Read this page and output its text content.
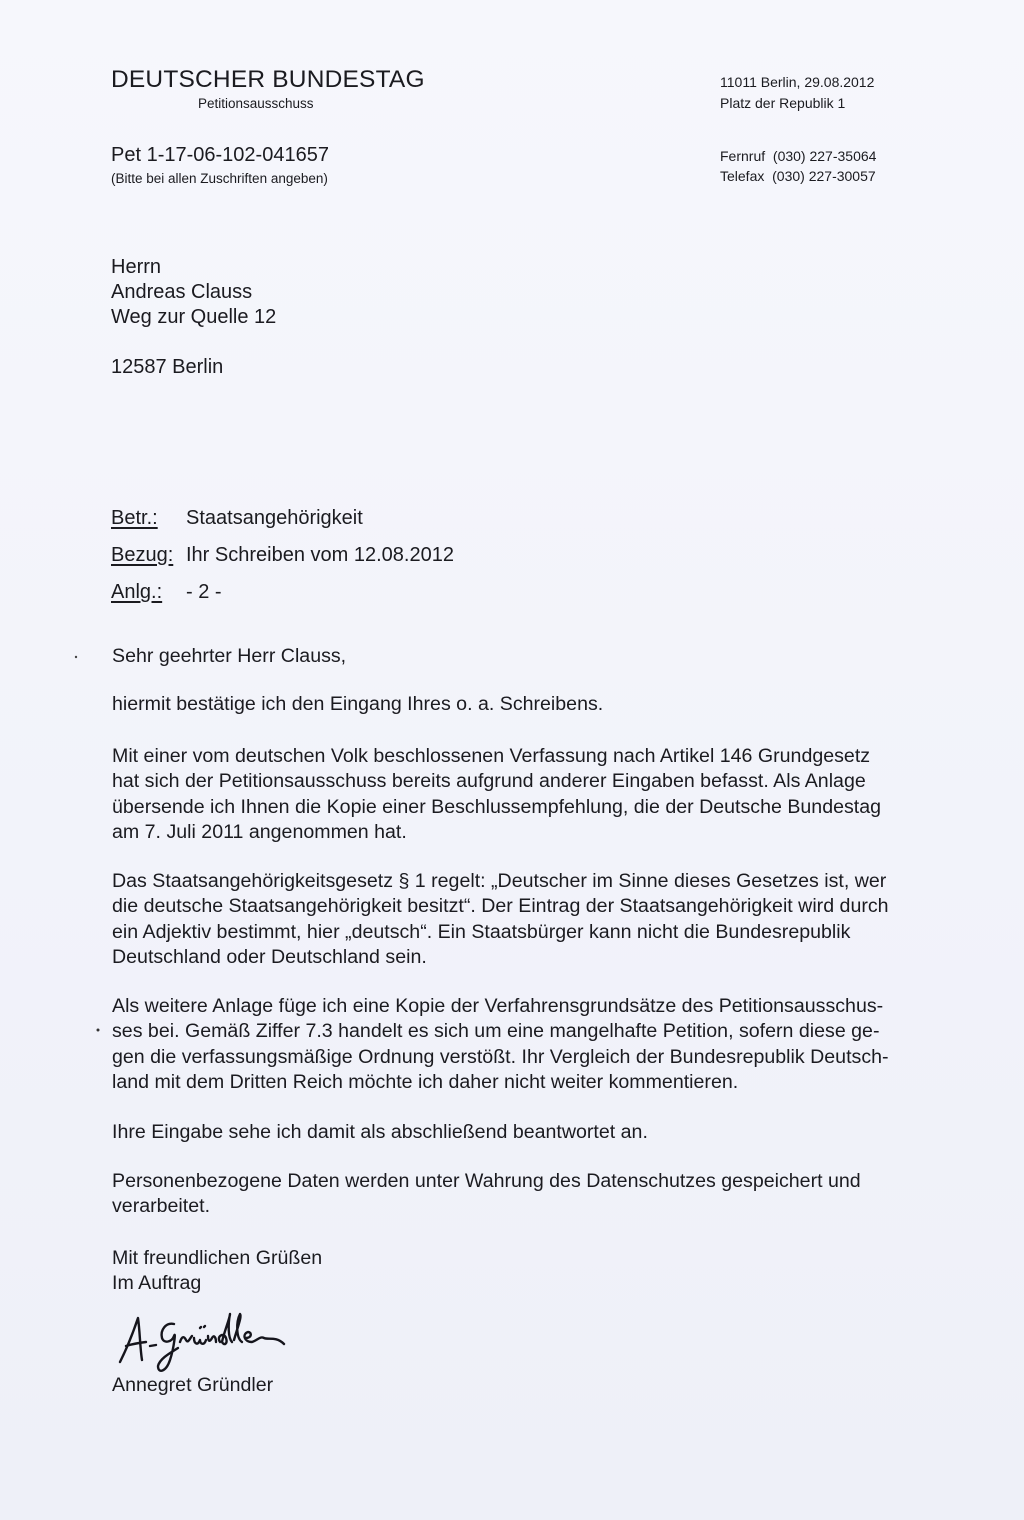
DEUTSCHER BUNDESTAG
Petitionsausschuss
11011 Berlin, 29.08.2012
Platz der Republik 1
Pet 1-17-06-102-041657
(Bitte bei allen Zuschriften angeben)
Fernruf  (030) 227-35064
Telefax  (030) 227-30057
Herrn
Andreas Clauss
Weg zur Quelle 12
12587 Berlin
Betr.: Staatsangehörigkeit
Bezug: Ihr Schreiben vom 12.08.2012
Anlg.: - 2 -
Sehr geehrter Herr Clauss,
hiermit bestätige ich den Eingang Ihres o. a. Schreibens.
Mit einer vom deutschen Volk beschlossenen Verfassung nach Artikel 146 Grundgesetz
hat sich der Petitionsausschuss bereits aufgrund anderer Eingaben befasst. Als Anlage
übersende ich Ihnen die Kopie einer Beschlussempfehlung, die der Deutsche Bundestag
am 7. Juli 2011 angenommen hat.
Das Staatsangehörigkeitsgesetz § 1 regelt: „Deutscher im Sinne dieses Gesetzes ist, wer
die deutsche Staatsangehörigkeit besitzt“. Der Eintrag der Staatsangehörigkeit wird durch
ein Adjektiv bestimmt, hier „deutsch“. Ein Staatsbürger kann nicht die Bundesrepublik
Deutschland oder Deutschland sein.
Als weitere Anlage füge ich eine Kopie der Verfahrensgrundsätze des Petitionsausschus-
ses bei. Gemäß Ziffer 7.3 handelt es sich um eine mangelhafte Petition, sofern diese ge-
gen die verfassungsmäßige Ordnung verstößt. Ihr Vergleich der Bundesrepublik Deutsch-
land mit dem Dritten Reich möchte ich daher nicht weiter kommentieren.
Ihre Eingabe sehe ich damit als abschließend beantwortet an.
Personenbezogene Daten werden unter Wahrung des Datenschutzes gespeichert und
verarbeitet.
Mit freundlichen Grüßen
Im Auftrag
Annegret Gründler
